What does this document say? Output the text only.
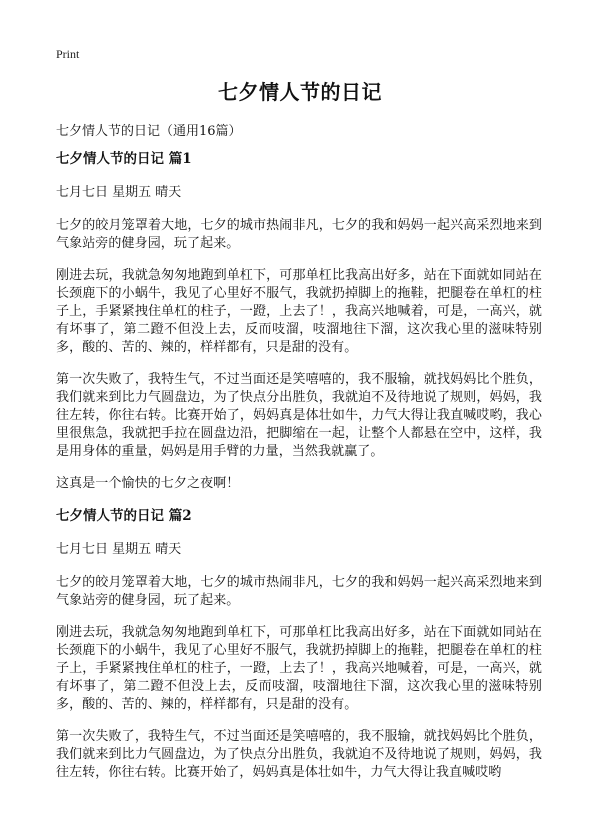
Print
七夕情人节的日记

七夕情人节的日记（通用16篇）

七夕情人节的日记 篇1

七月七日 星期五 晴天

七夕的皎月笼罩着大地，七夕的城市热闹非凡，七夕的我和妈妈一起兴高采烈地来到气象站旁的健身园，玩了起来。

刚进去玩，我就急匆匆地跑到单杠下，可那单杠比我高出好多，站在下面就如同站在长颈鹿下的小蜗牛，我见了心里好不服气，我就扔掉脚上的拖鞋，把腿卷在单杠的柱子上，手紧紧拽住单杠的柱子，一蹬，上去了！，我高兴地喊着，可是，一高兴，就有坏事了，第二蹬不但没上去，反而吱溜，吱溜地往下溜，这次我心里的滋味特别多，酸的、苦的、辣的，样样都有，只是甜的没有。

第一次失败了，我特生气，不过当面还是笑嘻嘻的，我不服输，就找妈妈比个胜负，我们就来到比力气圆盘边，为了快点分出胜负，我就迫不及待地说了规则，妈妈，我往左转，你往右转。比赛开始了，妈妈真是体壮如牛，力气大得让我直喊哎哟，我心里很焦急，我就把手拉在圆盘边沿，把脚缩在一起，让整个人都悬在空中，这样，我是用身体的重量，妈妈是用手臂的力量，当然我就赢了。

这真是一个愉快的七夕之夜啊！

七夕情人节的日记 篇2

七月七日 星期五 晴天

七夕的皎月笼罩着大地，七夕的城市热闹非凡，七夕的我和妈妈一起兴高采烈地来到气象站旁的健身园，玩了起来。

刚进去玩，我就急匆匆地跑到单杠下，可那单杠比我高出好多，站在下面就如同站在长颈鹿下的小蜗牛，我见了心里好不服气，我就扔掉脚上的拖鞋，把腿卷在单杠的柱子上，手紧紧拽住单杠的柱子，一蹬，上去了！，我高兴地喊着，可是，一高兴，就有坏事了，第二蹬不但没上去，反而吱溜，吱溜地往下溜，这次我心里的滋味特别多，酸的、苦的、辣的，样样都有，只是甜的没有。

第一次失败了，我特生气，不过当面还是笑嘻嘻的，我不服输，就找妈妈比个胜负，我们就来到比力气圆盘边，为了快点分出胜负，我就迫不及待地说了规则，妈妈，我往左转，你往右转。比赛开始了，妈妈真是体壮如牛，力气大得让我直喊哎哟
